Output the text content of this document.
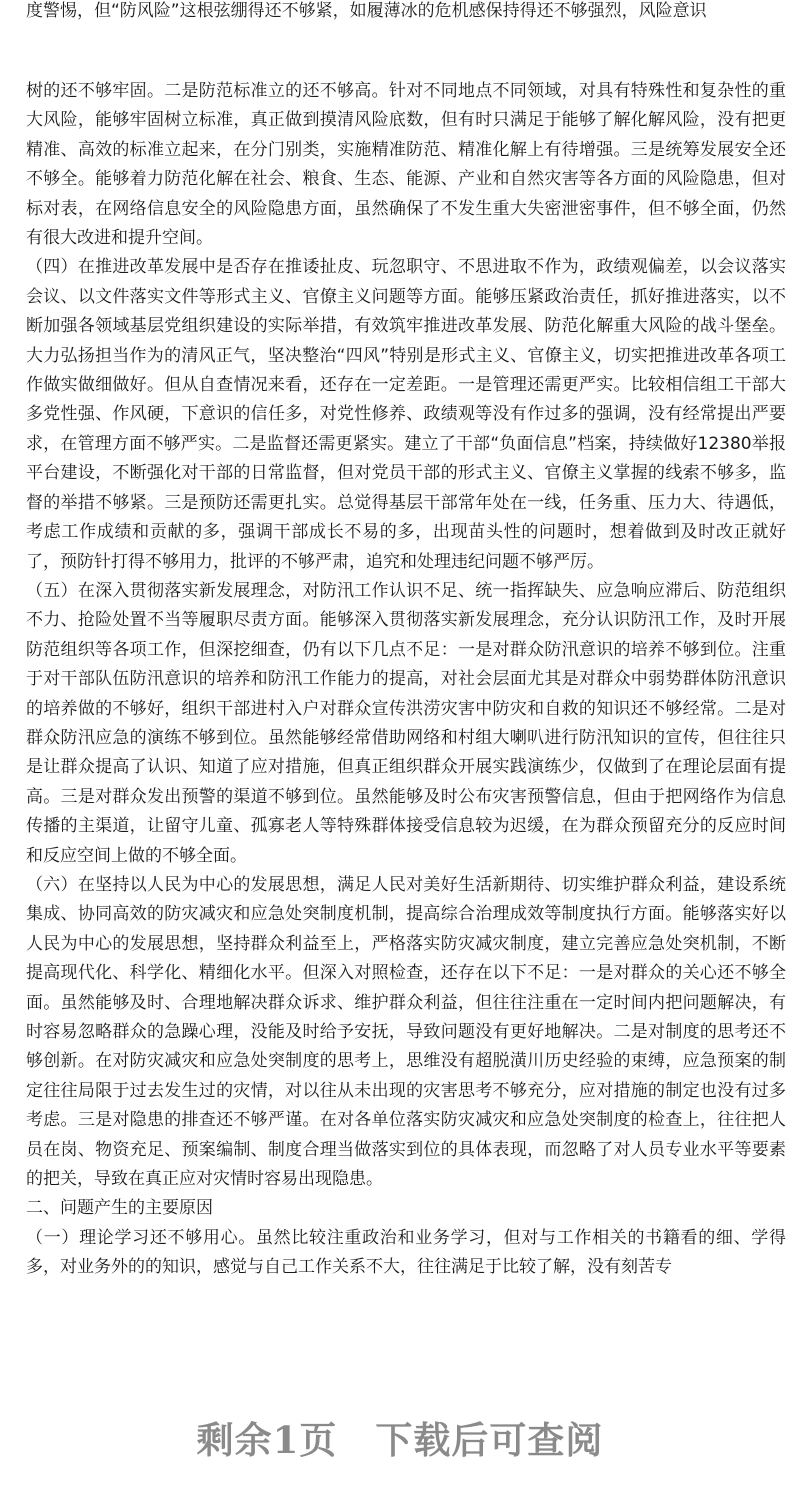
度警惕，但“防风险”这根弦绷得还不够紧，如履薄冰的危机感保持得还不够强烈，风险意识

树的还不够牢固。二是防范标准立的还不够高。针对不同地点不同领域，对具有特殊性和复杂性的重大风险，能够牢固树立标准，真正做到摸清风险底数，但有时只满足于能够了解化解风险，没有把更精准、高效的标准立起来，在分门别类，实施精准防范、精准化解上有待增强。三是统筹发展安全还不够全。能够着力防范化解在社会、粮食、生态、能源、产业和自然灾害等各方面的风险隐患，但对标对表，在网络信息安全的风险隐患方面，虽然确保了不发生重大失密泄密事件，但不够全面，仍然有很大改进和提升空间。

（四）在推进改革发展中是否存在推诿扯皮、玩忽职守、不思进取不作为，政绩观偏差，以会议落实会议、以文件落实文件等形式主义、官僚主义问题等方面。能够压紧政治责任，抓好推进落实，以不断加强各领域基层党组织建设的实际举措，有效筑牢推进改革发展、防范化解重大风险的战斗堡垒。大力弘扬担当作为的清风正气，坚决整治“四风”特别是形式主义、官僚主义，切实把推进改革各项工作做实做细做好。但从自查情况来看，还存在一定差距。一是管理还需更严实。比较相信组工干部大多党性强、作风硬，下意识的信任多，对党性修养、政绩观等没有作过多的强调，没有经常提出严要求，在管理方面不够严实。二是监督还需更紧实。建立了干部“负面信息”档案，持续做好12380举报平台建设，不断强化对干部的日常监督，但对党员干部的形式主义、官僚主义掌握的线索不够多，监督的举措不够紧。三是预防还需更扎实。总觉得基层干部常年处在一线，任务重、压力大、待遇低，考虑工作成绩和贡献的多，强调干部成长不易的多，出现苗头性的问题时，想着做到及时改正就好了，预防针打得不够用力，批评的不够严肃，追究和处理违纪问题不够严厉。

（五）在深入贯彻落实新发展理念，对防汛工作认识不足、统一指挥缺失、应急响应滞后、防范组织不力、抢险处置不当等履职尽责方面。能够深入贯彻落实新发展理念，充分认识防汛工作，及时开展防范组织等各项工作，但深挖细查，仍有以下几点不足：一是对群众防汛意识的培养不够到位。注重于对干部队伍防汛意识的培养和防汛工作能力的提高，对社会层面尤其是对群众中弱势群体防汛意识的培养做的不够好，组织干部进村入户对群众宣传洪涝灾害中防灾和自救的知识还不够经常。二是对群众防汛应急的演练不够到位。虽然能够经常借助网络和村组大喇叭进行防汛知识的宣传，但往往只是让群众提高了认识、知道了应对措施，但真正组织群众开展实践演练少，仅做到了在理论层面有提高。三是对群众发出预警的渠道不够到位。虽然能够及时公布灾害预警信息，但由于把网络作为信息传播的主渠道，让留守儿童、孤寡老人等特殊群体接受信息较为迟缓，在为群众预留充分的反应时间和反应空间上做的不够全面。

（六）在坚持以人民为中心的发展思想，满足人民对美好生活新期待、切实维护群众利益，建设系统集成、协同高效的防灾减灾和应急处突制度机制，提高综合治理成效等制度执行方面。能够落实好以人民为中心的发展思想，坚持群众利益至上，严格落实防灾减灾制度，建立完善应急处突机制，不断提高现代化、科学化、精细化水平。但深入对照检查，还存在以下不足：一是对群众的关心还不够全面。虽然能够及时、合理地解决群众诉求、维护群众利益，但往往注重在一定时间内把问题解决，有时容易忽略群众的急躁心理，没能及时给予安抚，导致问题没有更好地解决。二是对制度的思考还不够创新。在对防灾减灾和应急处突制度的思考上，思维没有超脱潢川历史经验的束缚，应急预案的制定往往局限于过去发生过的灾情，对以往从未出现的灾害思考不够充分，应对措施的制定也没有过多考虑。三是对隐患的排查还不够严谨。在对各单位落实防灾减灾和应急处突制度的检查上，往往把人员在岗、物资充足、预案编制、制度合理当做落实到位的具体表现，而忽略了对人员专业水平等要素的把关，导致在真正应对灾情时容易出现隐患。

二、问题产生的主要原因

（一）理论学习还不够用心。虽然比较注重政治和业务学习，但对与工作相关的书籍看的细、学得多，对业务外的的知识，感觉与自己工作关系不大，往往满足于比较了解，没有刻苦专

剩余1页　下载后可查阅
